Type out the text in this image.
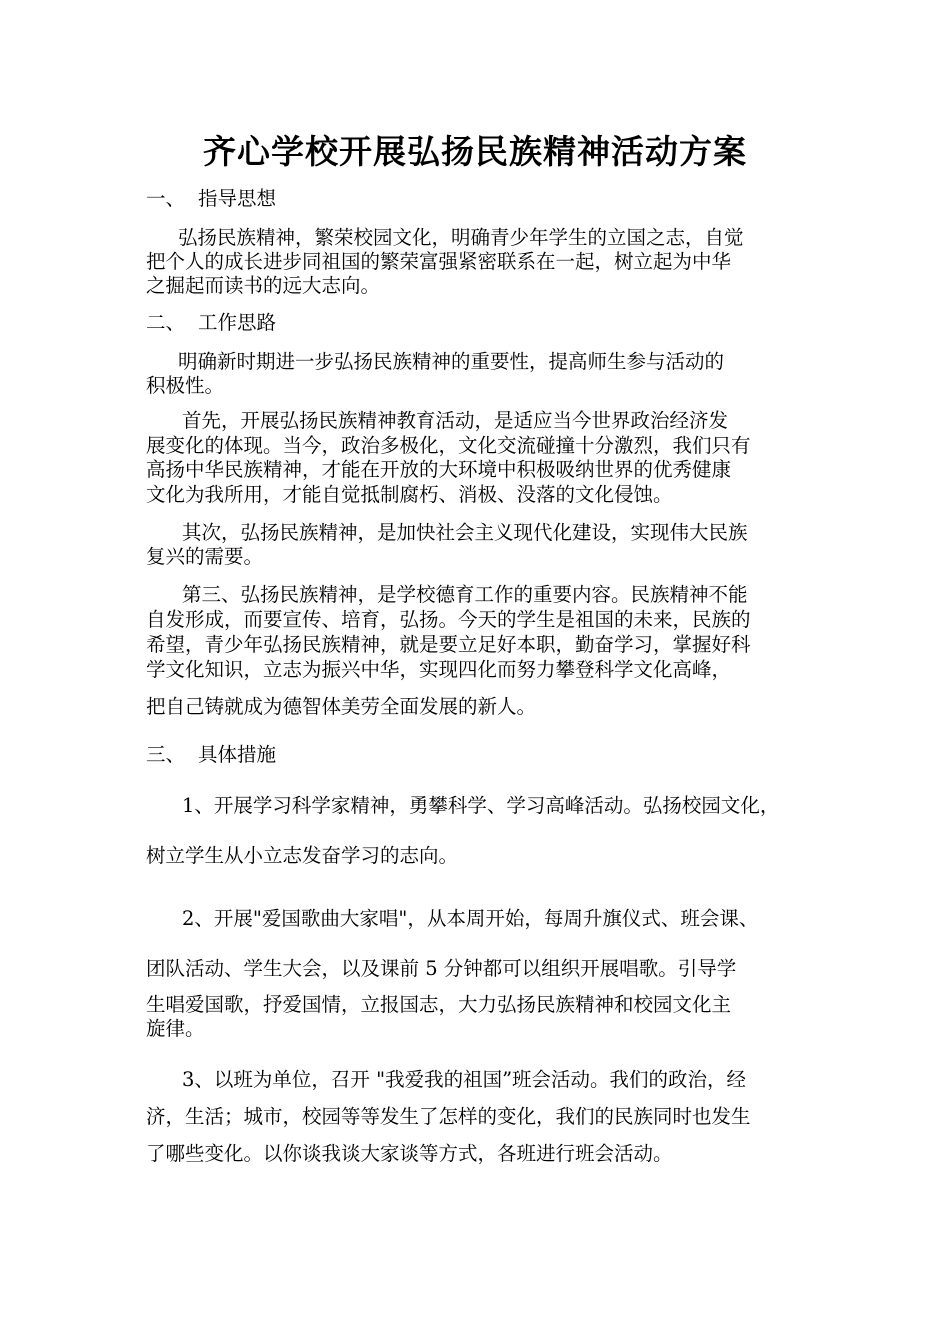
齐心学校开展弘扬民族精神活动方案
一、 指导思想
弘扬民族精神，繁荣校园文化，明确青少年学生的立国之志，自觉
把个人的成长进步同祖国的繁荣富强紧密联系在一起，树立起为中华
之掘起而读书的远大志向。
二、 工作思路
明确新时期进一步弘扬民族精神的重要性，提高师生参与活动的
积极性。
首先，开展弘扬民族精神教育活动，是适应当今世界政治经济发
展变化的体现。当今，政治多极化，文化交流碰撞十分激烈，我们只有
高扬中华民族精神，才能在开放的大环境中积极吸纳世界的优秀健康
文化为我所用，才能自觉抵制腐朽、消极、没落的文化侵蚀。
其次，弘扬民族精神，是加快社会主义现代化建设，实现伟大民族
复兴的需要。
第三、弘扬民族精神，是学校德育工作的重要内容。民族精神不能
自发形成，而要宣传、培育，弘扬。今天的学生是祖国的未来，民族的
希望，青少年弘扬民族精神，就是要立足好本职，勤奋学习，掌握好科
学文化知识，立志为振兴中华，实现四化而努力攀登科学文化高峰，
把自己铸就成为德智体美劳全面发展的新人。
三、 具体措施
1、开展学习科学家精神，勇攀科学、学习高峰活动。弘扬校园文化，
树立学生从小立志发奋学习的志向。
2、开展"爱国歌曲大家唱"，从本周开始，每周升旗仪式、班会课、
团队活动、学生大会，以及课前 5 分钟都可以组织开展唱歌。引导学
生唱爱国歌，抒爱国情，立报国志，大力弘扬民族精神和校园文化主
旋律。
3、以班为单位，召开 "我爱我的祖国”班会活动。我们的政治，经
济，生活；城市，校园等等发生了怎样的变化，我们的民族同时也发生
了哪些变化。以你谈我谈大家谈等方式，各班进行班会活动。
